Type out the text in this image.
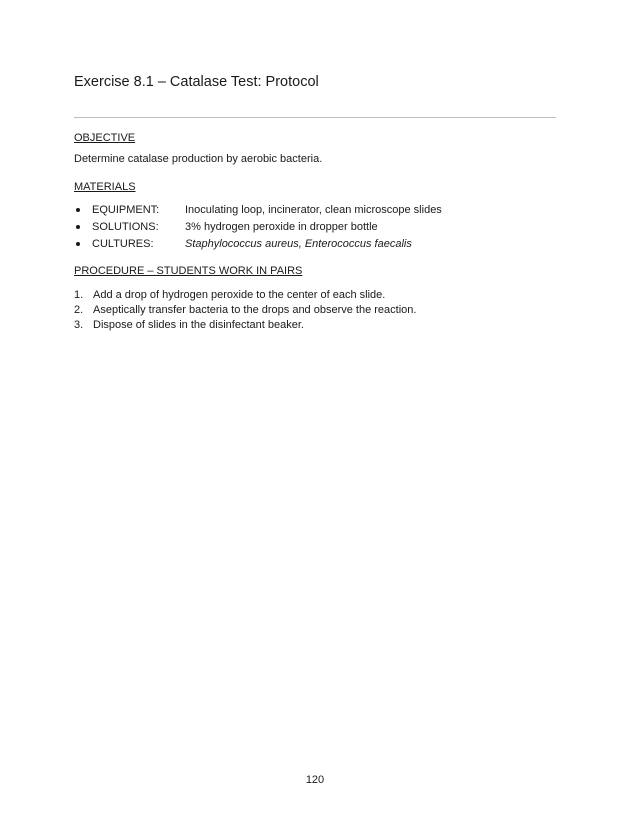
Exercise 8.1 – Catalase Test: Protocol
OBJECTIVE

Determine catalase production by aerobic bacteria.

MATERIALS
EQUIPMENT:	Inoculating loop, incinerator, clean microscope slides
SOLUTIONS:	3% hydrogen peroxide in dropper bottle
CULTURES:	Staphylococcus aureus, Enterococcus faecalis
PROCEDURE – STUDENTS WORK IN PAIRS
1. Add a drop of hydrogen peroxide to the center of each slide.
2. Aseptically transfer bacteria to the drops and observe the reaction.
3. Dispose of slides in the disinfectant beaker.

120
